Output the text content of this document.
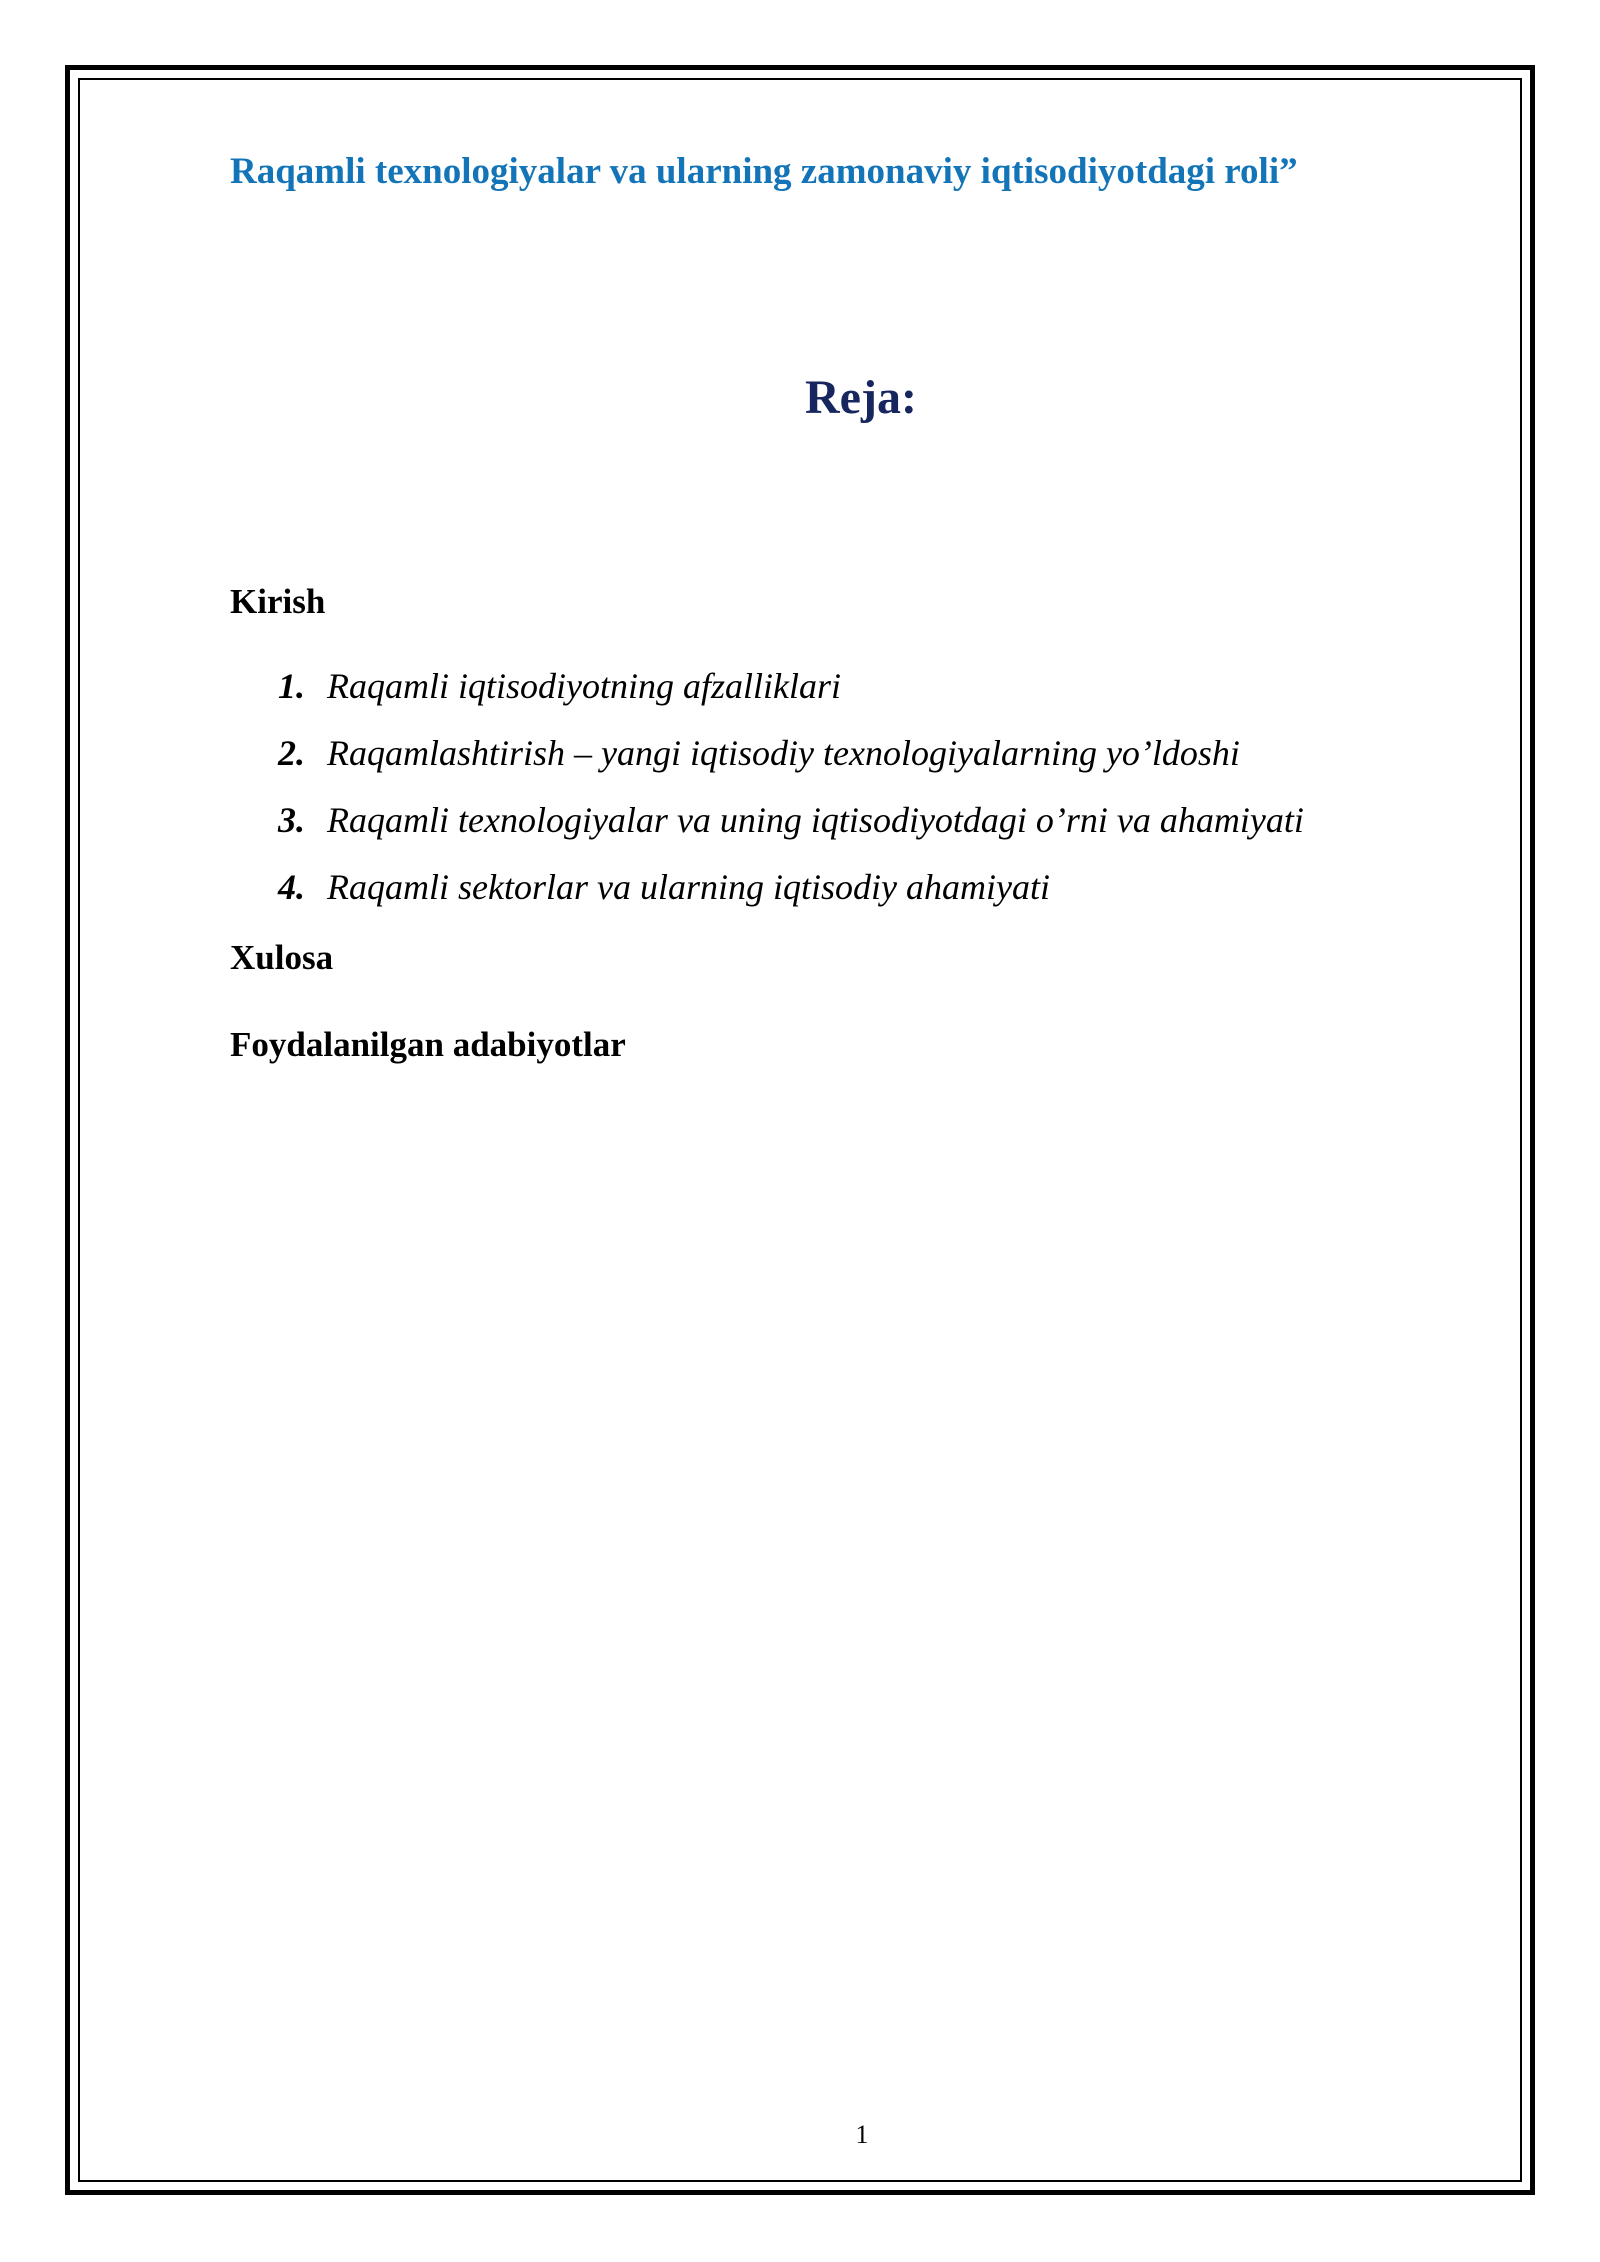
Raqamli texnologiyalar va ularning zamonaviy iqtisodiyotdagi roli”
Reja:

Kirish

1. Raqamli iqtisodiyotning afzalliklari
2. Raqamlashtirish – yangi iqtisodiy texnologiyalarning yo’ldoshi
3. Raqamli texnologiyalar va uning iqtisodiyotdagi o’rni va ahamiyati
4. Raqamli sektorlar va ularning iqtisodiy ahamiyati

Xulosa

Foydalanilgan adabiyotlar

1
